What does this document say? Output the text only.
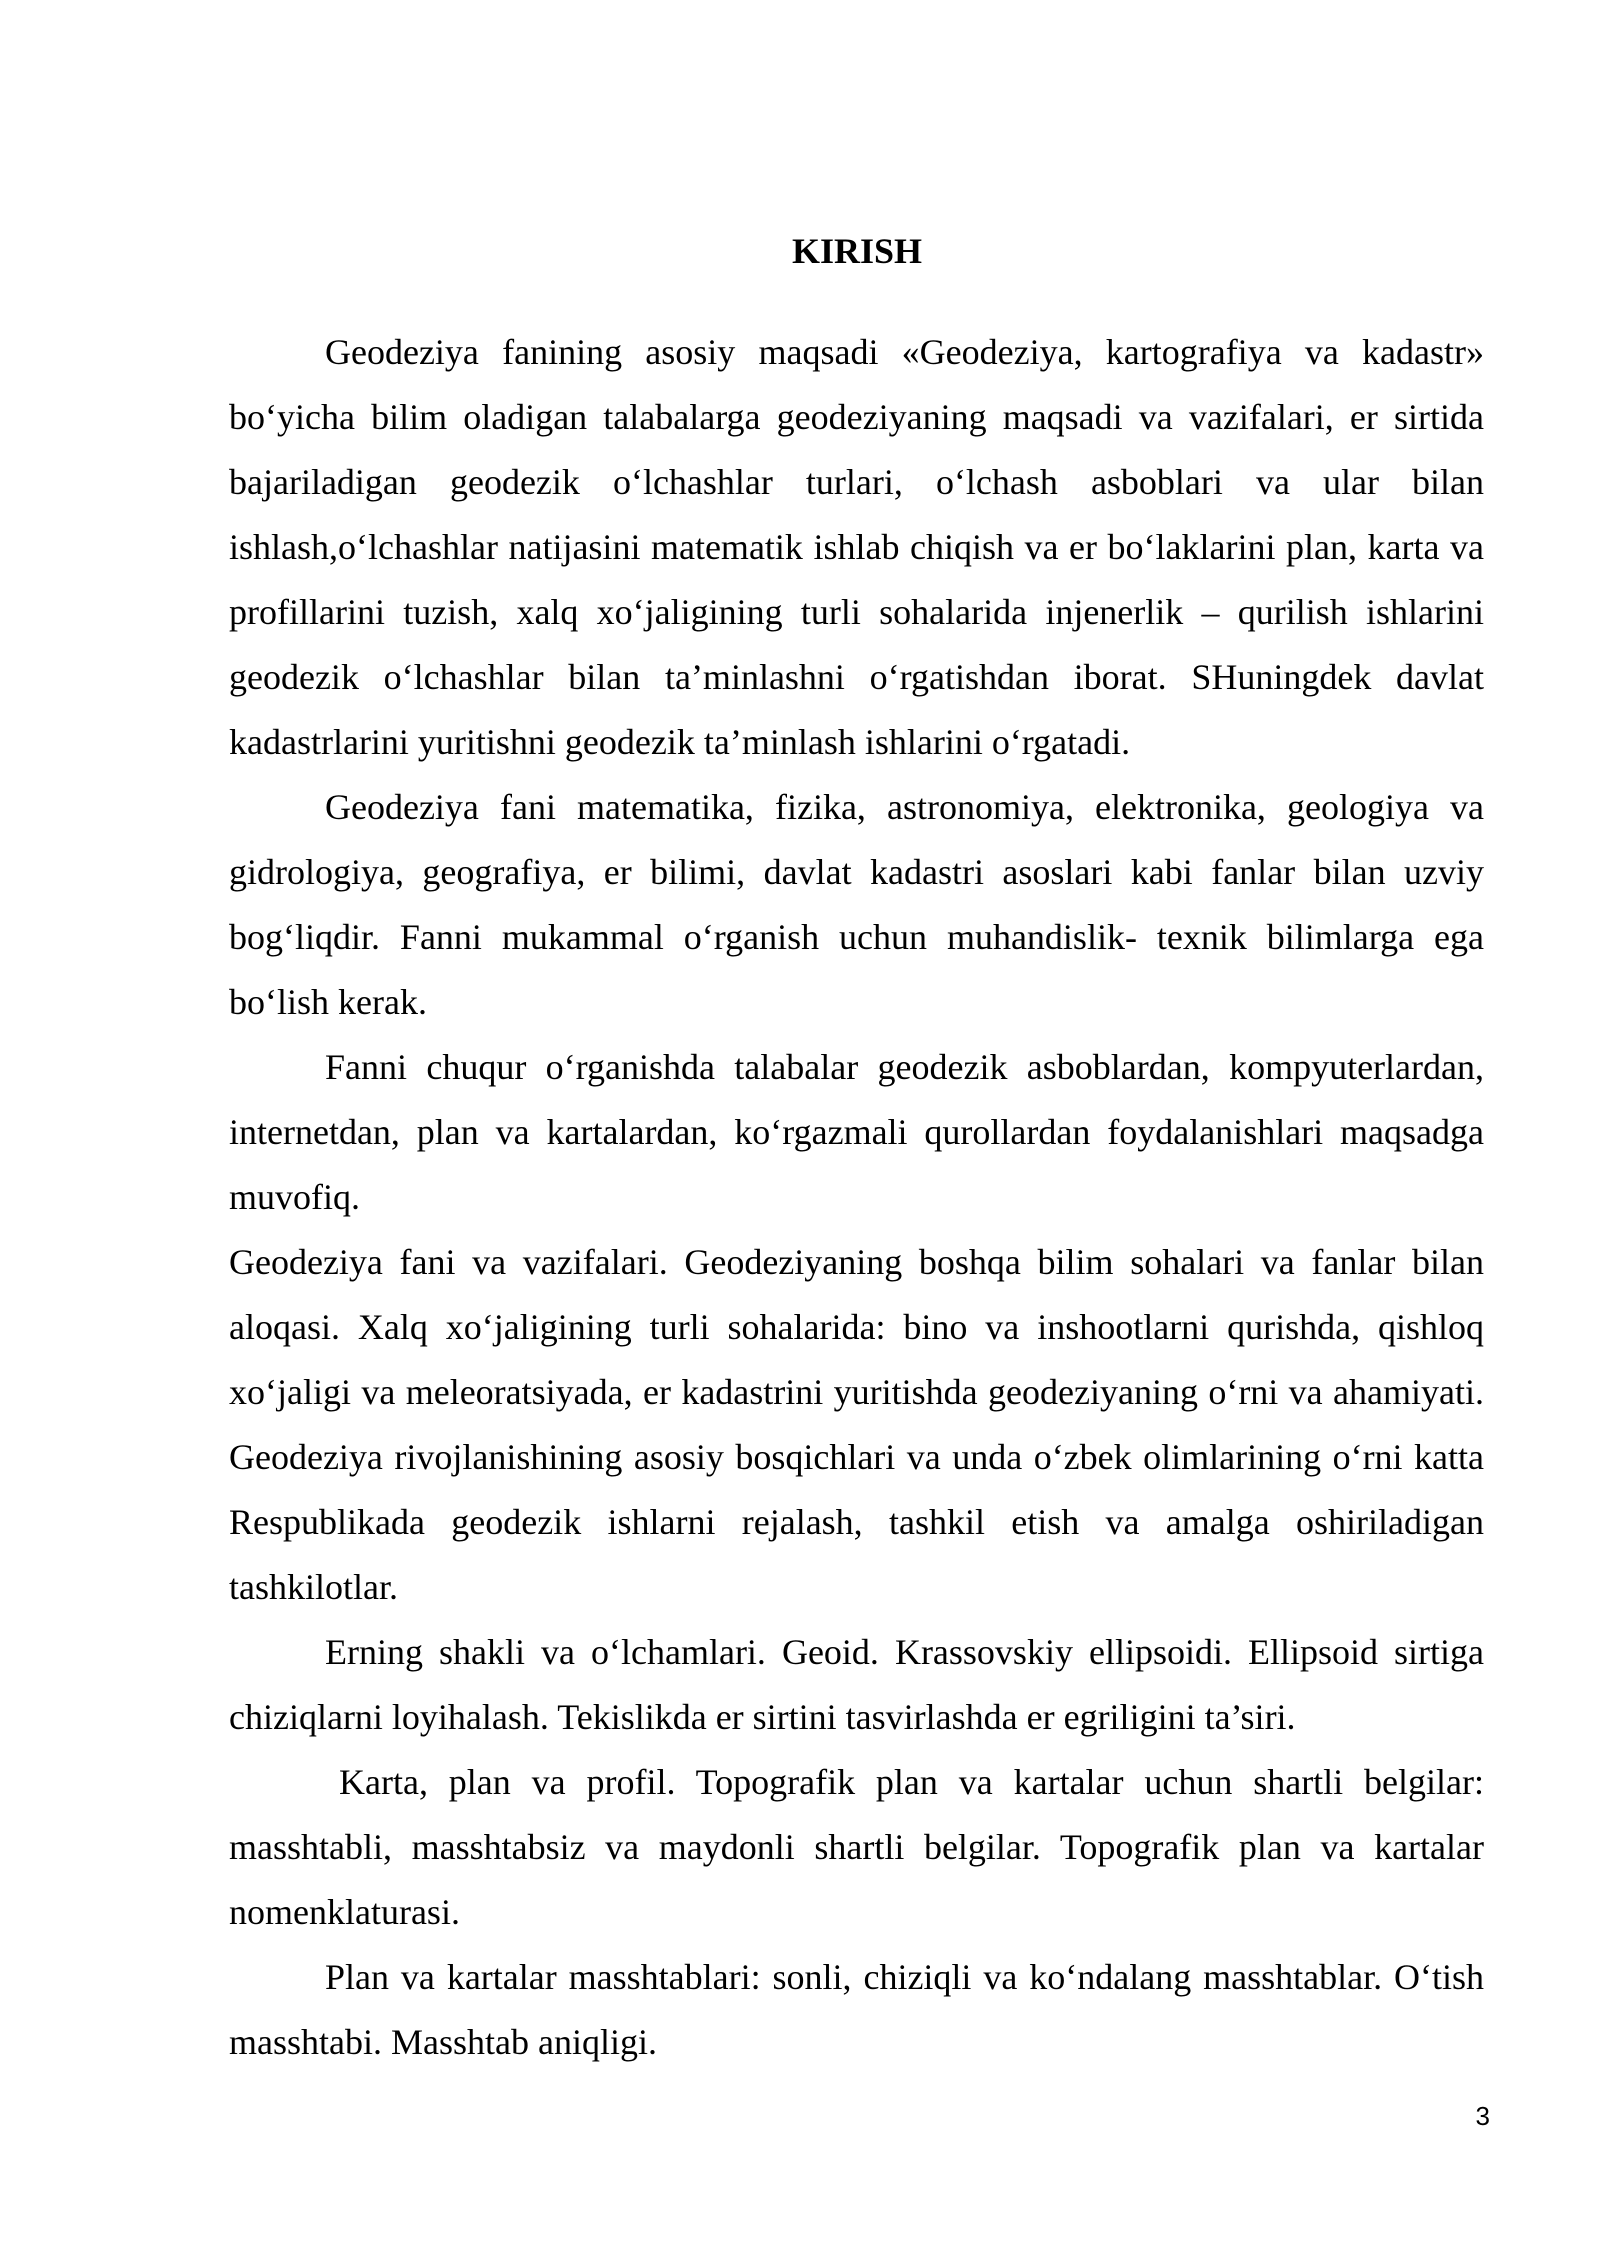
KIRISH

Geodeziya fanining asosiy maqsadi «Geodeziya, kartografiya va kadastr» bo‘yicha bilim oladigan talabalarga geodeziyaning maqsadi va vazifalari, er sirtida bajariladigan geodezik o‘lchashlar turlari, o‘lchash asboblari va ular bilan ishlash,o‘lchashlar natijasini matematik ishlab chiqish va er bo‘laklarini plan, karta va profillarini tuzish, xalq xo‘jaligining turli sohalarida injenerlik – qurilish ishlarini geodezik o‘lchashlar bilan ta’minlashni o‘rgatishdan iborat. SHuningdek davlat kadastrlarini yuritishni geodezik ta’minlash ishlarini o‘rgatadi.

Geodeziya fani matematika, fizika, astronomiya, elektronika, geologiya va gidrologiya, geografiya, er bilimi, davlat kadastri asoslari kabi fanlar bilan uzviy bog‘liqdir. Fanni mukammal o‘rganish uchun muhandislik- texnik bilimlarga ega bo‘lish kerak.

Fanni chuqur o‘rganishda talabalar geodezik asboblardan, kompyuterlardan, internetdan, plan va kartalardan, ko‘rgazmali qurollardan foydalanishlari maqsadga muvofiq.

Geodeziya fani va vazifalari. Geodeziyaning boshqa bilim sohalari va fanlar bilan aloqasi. Xalq xo‘jaligining turli sohalarida: bino va inshootlarni qurishda, qishloq xo‘jaligi va meleoratsiyada, er kadastrini yuritishda geodeziyaning o‘rni va ahamiyati. Geodeziya rivojlanishining asosiy bosqichlari va unda o‘zbek olimlarining o‘rni katta Respublikada geodezik ishlarni rejalash, tashkil etish va amalga oshiriladigan tashkilotlar.

Erning shakli va o‘lchamlari. Geoid. Krassovskiy ellipsoidi. Ellipsoid sirtiga chiziqlarni loyihalash. Tekislikda er sirtini tasvirlashda er egriligini ta’siri.

Karta, plan va profil. Topografik plan va kartalar uchun shartli belgilar: masshtabli, masshtabsiz va maydonli shartli belgilar. Topografik plan va kartalar nomenklaturasi.

Plan va kartalar masshtablari: sonli, chiziqli va ko‘ndalang masshtablar. O‘tish masshtabi. Masshtab aniqligi.

3
